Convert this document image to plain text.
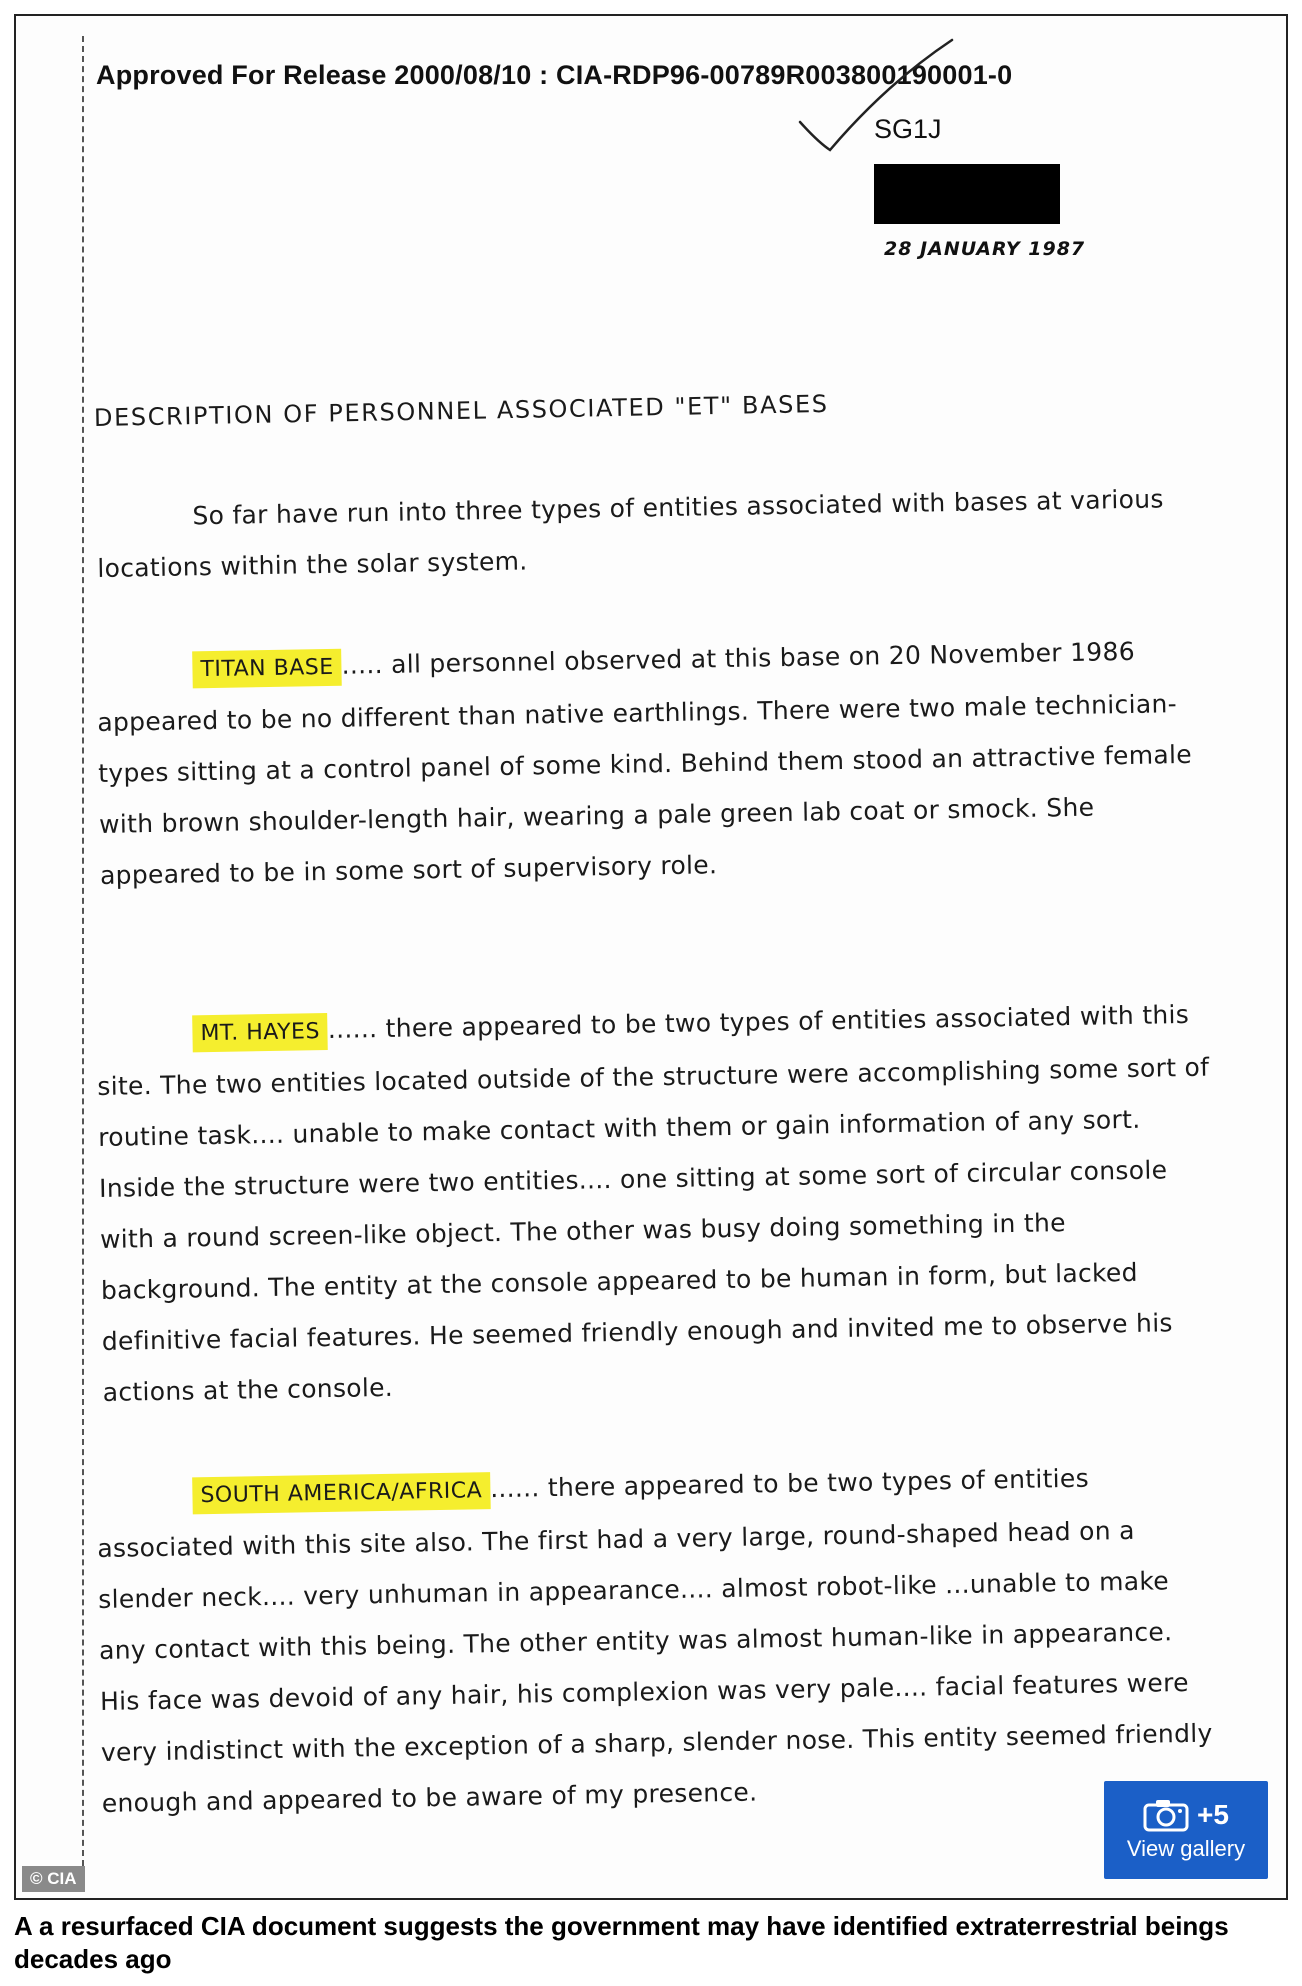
Approved For Release 2000/08/10 : CIA-RDP96-00789R003800190001-0
SG1J
28 JANUARY 1987
DESCRIPTION OF PERSONNEL ASSOCIATED "ET" BASES
So far have run into three types of entities associated with bases at various locations within the solar system.
TITAN BASE ..... all personnel observed at this base on 20 November 1986 appeared to be no different than native earthlings. There were two male technician-types sitting at a control panel of some kind. Behind them stood an attractive female with brown shoulder-length hair, wearing a pale green lab coat or smock. She appeared to be in some sort of supervisory role.
MT. HAYES ...... there appeared to be two types of entities associated with this site. The two entities located outside of the structure were accomplishing some sort of routine task.... unable to make contact with them or gain information of any sort. Inside the structure were two entities.... one sitting at some sort of circular console with a round screen-like object. The other was busy doing something in the background. The entity at the console appeared to be human in form, but lacked definitive facial features. He seemed friendly enough and invited me to observe his actions at the console.
SOUTH AMERICA/AFRICA ...... there appeared to be two types of entities associated with this site also. The first had a very large, round-shaped head on a slender neck.... very unhuman in appearance.... almost robot-like ...unable to make any contact with this being. The other entity was almost human-like in appearance. His face was devoid of any hair, his complexion was very pale.... facial features were very indistinct with the exception of a sharp, slender nose. This entity seemed friendly enough and appeared to be aware of my presence.
© CIA
+5
View gallery
A a resurfaced CIA document suggests the government may have identified extraterrestrial beings decades ago
